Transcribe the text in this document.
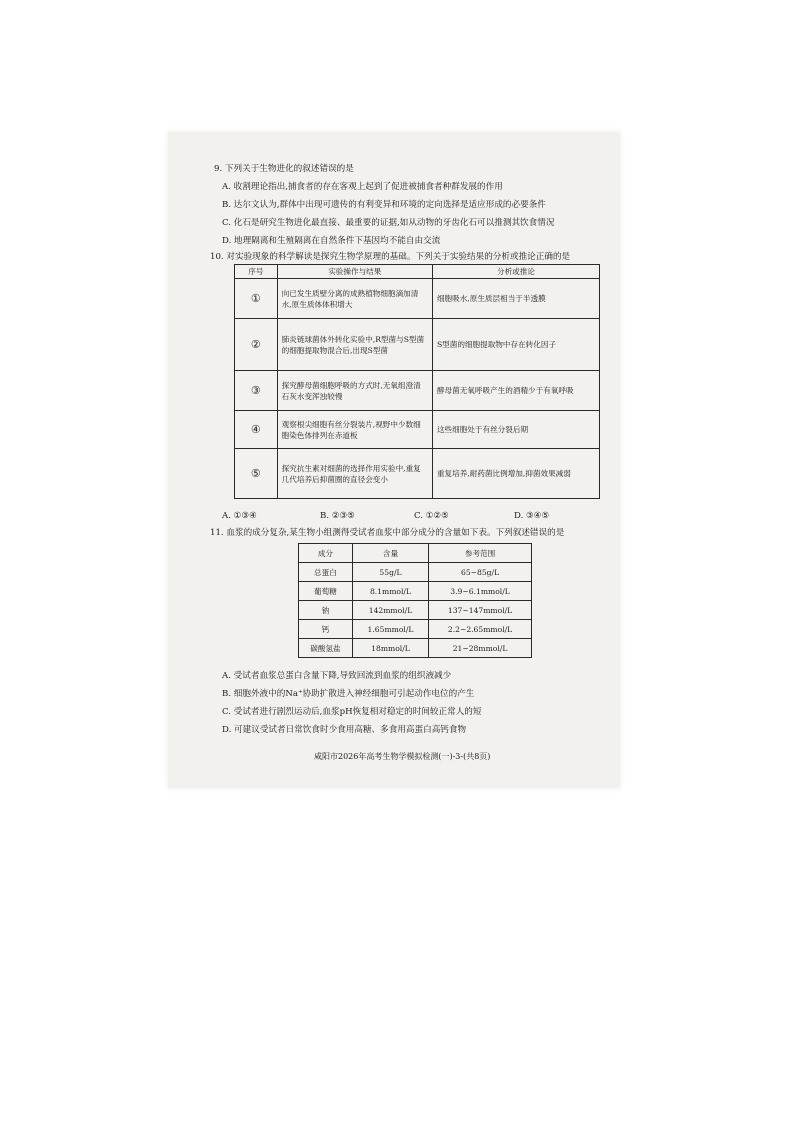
9. 下列关于生物进化的叙述错误的是
A. 收割理论指出,捕食者的存在客观上起到了促进被捕食者种群发展的作用
B. 达尔文认为,群体中出现可遗传的有利变异和环境的定向选择是适应形成的必要条件
C. 化石是研究生物进化最直接、最重要的证据,如从动物的牙齿化石可以推测其饮食情况
D. 地理隔离和生殖隔离在自然条件下基因均不能自由交流
10. 对实验现象的科学解读是探究生物学原理的基础。下列关于实验结果的分析或推论正确的是
序号	实验操作与结果	分析或推论
①	向已发生质壁分离的成熟植物细胞滴加清水,原生质体体积增大	细胞吸水,原生质层相当于半透膜
②	肺炎链球菌体外转化实验中,R型菌与S型菌的细胞提取物混合后,出现S型菌	S型菌的细胞提取物中存在转化因子
③	探究酵母菌细胞呼吸的方式时,无氧组澄清石灰水变浑浊较慢	酵母菌无氧呼吸产生的酒精少于有氧呼吸
④	观察根尖细胞有丝分裂装片,视野中少数细胞染色体排列在赤道板	这些细胞处于有丝分裂后期
⑤	探究抗生素对细菌的选择作用实验中,重复几代培养后抑菌圈的直径会变小	重复培养,耐药菌比例增加,抑菌效果减弱
A. ①③④	B. ②③⑤	C. ①②⑤	D. ③④⑤
11. 血浆的成分复杂,某生物小组测得受试者血浆中部分成分的含量如下表。下列叙述错误的是
成分	含量	参考范围
总蛋白	55g/L	65~85g/L
葡萄糖	8.1mmol/L	3.9~6.1mmol/L
钠	142mmol/L	137~147mmol/L
钙	1.65mmol/L	2.2~2.65mmol/L
碳酸氢盐	18mmol/L	21~28mmol/L
A. 受试者血浆总蛋白含量下降,导致回流到血浆的组织液减少
B. 细胞外液中的Na⁺协助扩散进入神经细胞可引起动作电位的产生
C. 受试者进行剧烈运动后,血浆pH恢复相对稳定的时间较正常人的短
D. 可建议受试者日常饮食时少食用高糖、多食用高蛋白高钙食物
咸阳市2026年高考生物学模拟检测(一)-3-(共8页)
